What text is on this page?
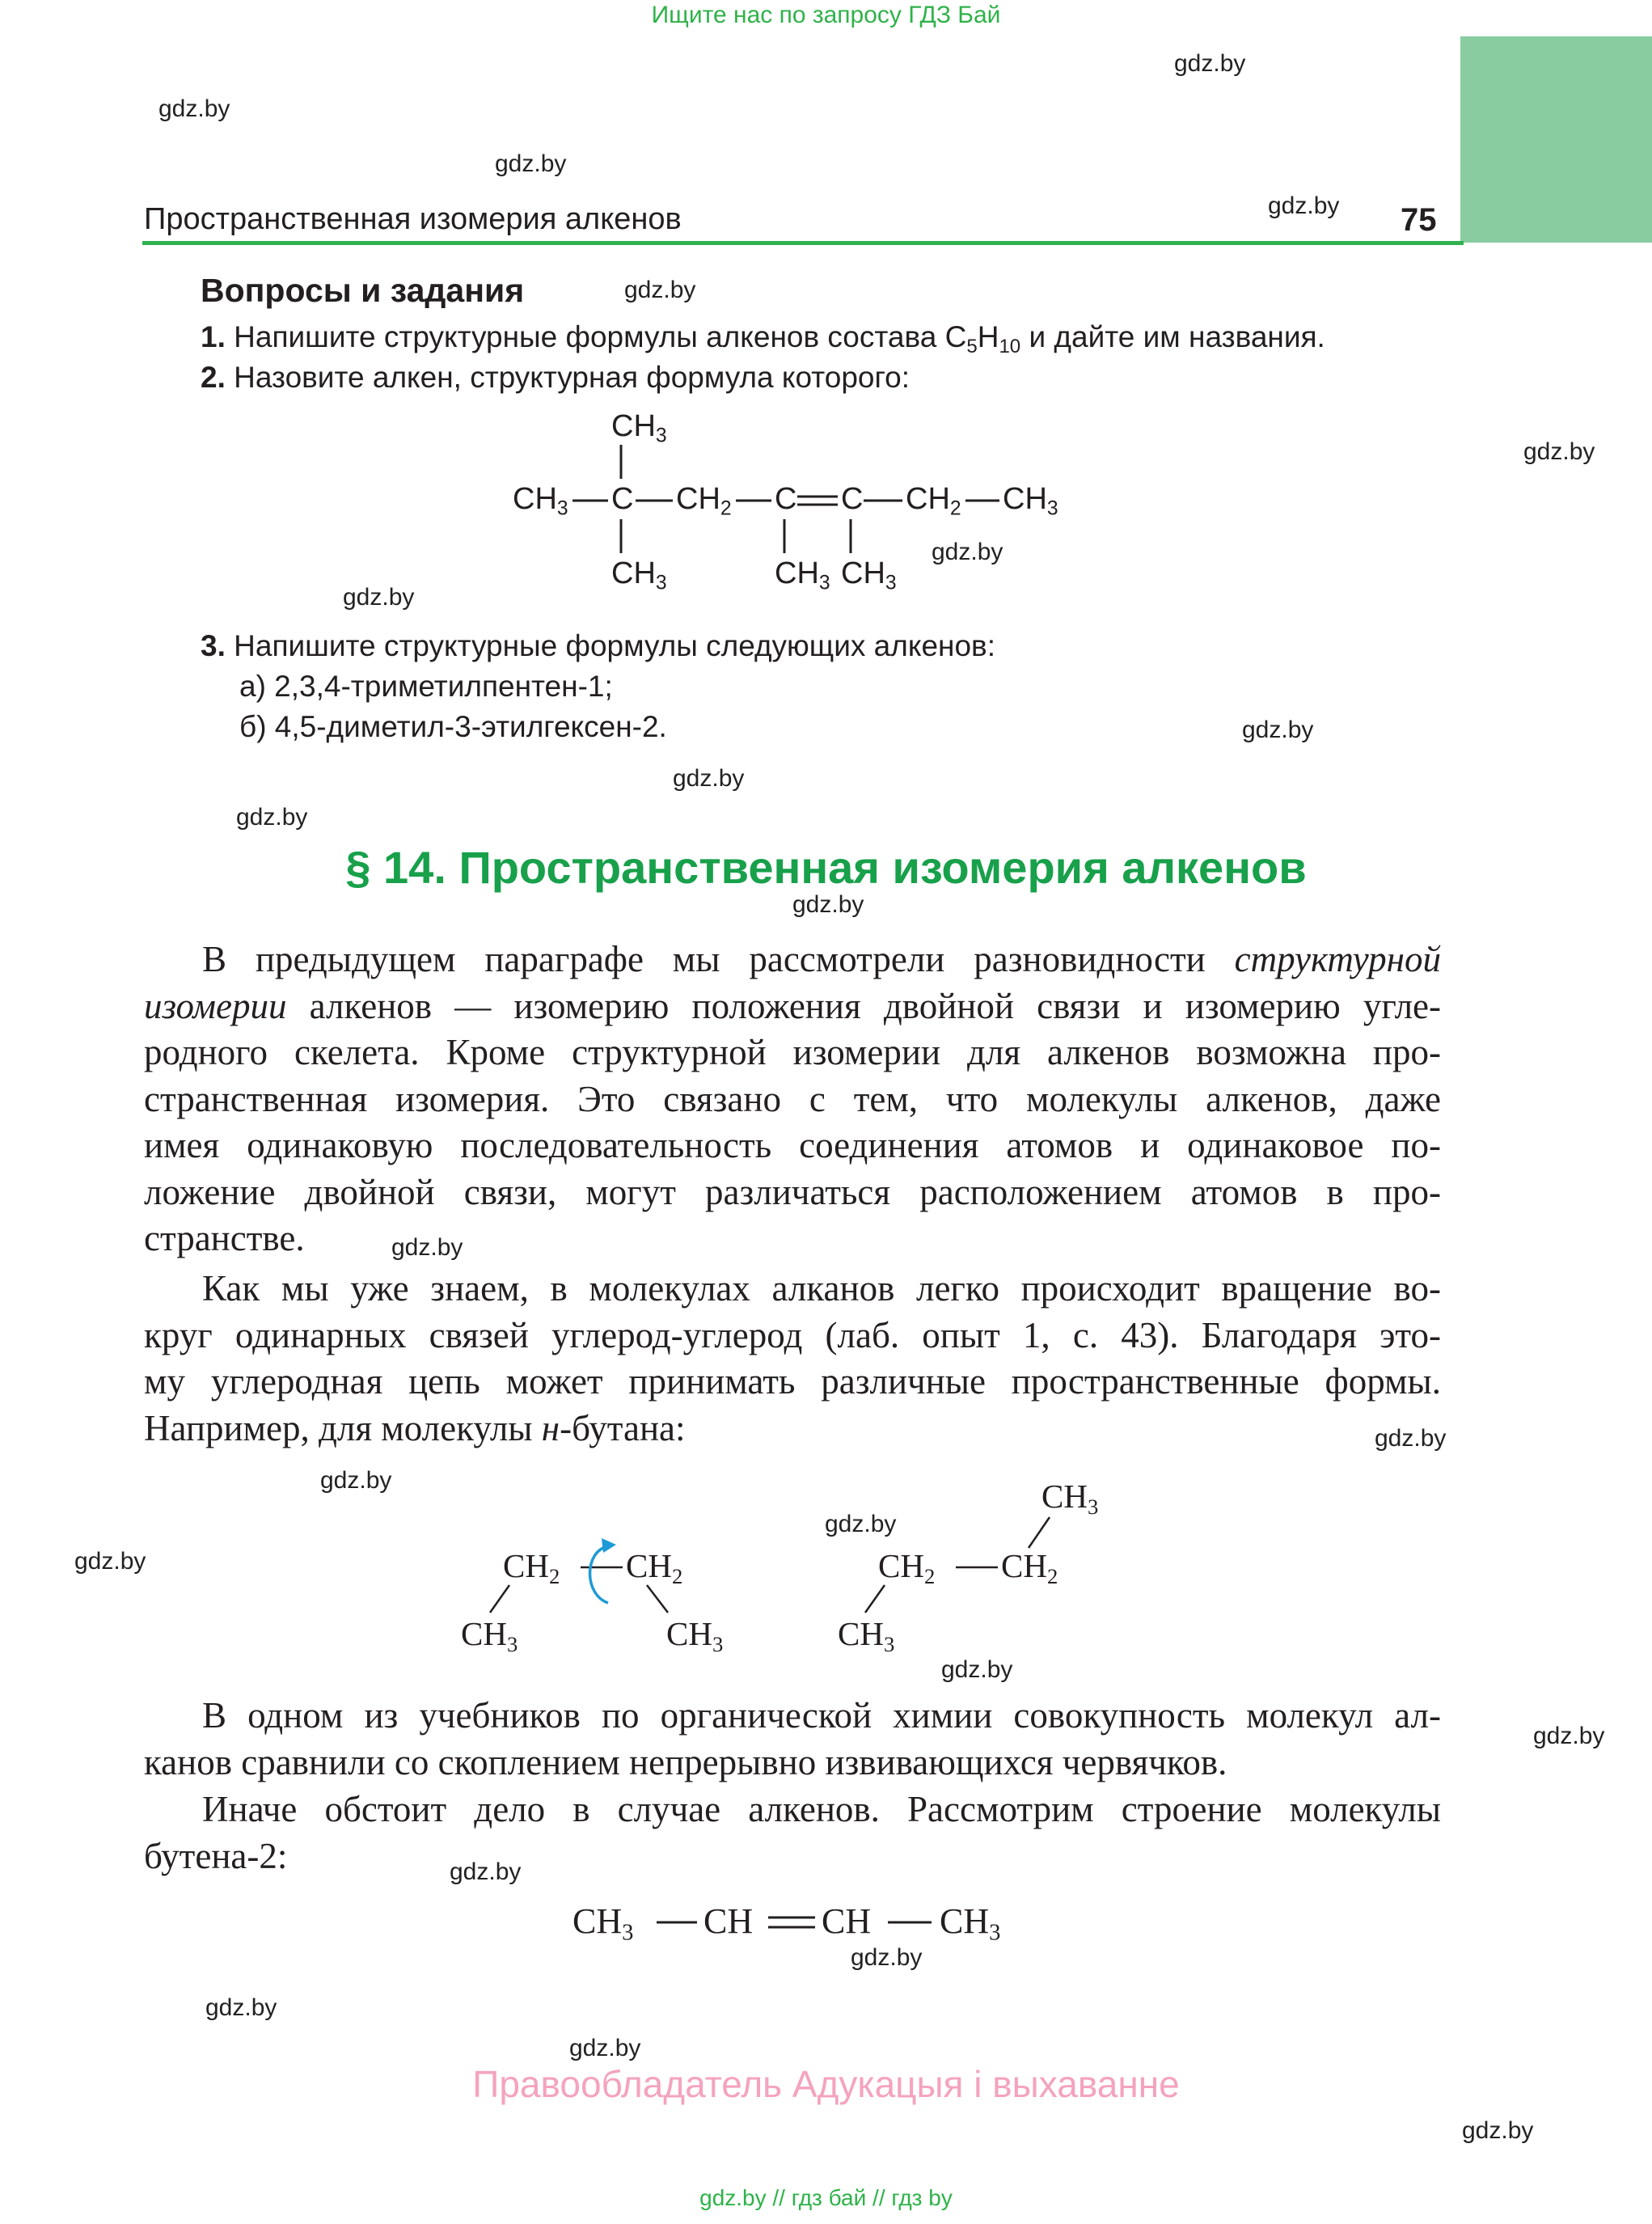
Ищите нас по запросу ГДЗ Бай
Пространственная изомерия алкенов	75
Вопросы и задания
1. Напишите структурные формулы алкенов состава $C_5H_{10}$ и дайте им названия.
2. Назовите алкен, структурная формула которого:
$CH_3$
$CH_3$ C $CH_2$ C C $CH_2$ $CH_3$
$CH_3$	$CH_3$ $CH_3$
3. Напишите структурные формулы следующих алкенов:
а) 2,3,4-триметилпентен-1;
б) 4,5-диметил-3-этилгексен-2.
§ 14. Пространственная изомерия алкенов
В предыдущем параграфе мы рассмотрели разновидности структурной
изомерии алкенов — изомерию положения двойной связи и изомерию угле-
родного скелета. Кроме структурной изомерии для алкенов возможна про-
странственная изомерия. Это связано с тем, что молекулы алкенов, даже
имея одинаковую последовательность соединения атомов и одинаковое по-
ложение двойной связи, могут различаться расположением атомов в про-
странстве.
Как мы уже знаем, в молекулах алканов легко происходит вращение во-
круг одинарных связей углерод-углерод (лаб. опыт 1, с. 43). Благодаря это-
му углеродная цепь может принимать различные пространственные формы.
Например, для молекулы н-бутана:
$CH_2$ $CH_2$
$CH_3$	$CH_3$
$CH_3$
$CH_2$ $CH_2$
$CH_3$
В одном из учебников по органической химии совокупность молекул ал-
канов сравнили со скоплением непрерывно извивающихся червячков.
Иначе обстоит дело в случае алкенов. Рассмотрим строение молекулы
бутена-2:
$CH_3$ CH CH $CH_3$
Правообладатель Адукацыя і выхаванне
gdz.by
gdz.by
gdz.by
gdz.by
gdz.by
gdz.by
gdz.by
gdz.by
gdz.by
gdz.by
gdz.by
gdz.by
gdz.by
gdz.by
gdz.by
gdz.by
gdz.by
gdz.by
gdz.by
gdz.by
gdz.by
gdz.by
gdz.by
gdz.by
gdz.by // гдз бай // гдз by
